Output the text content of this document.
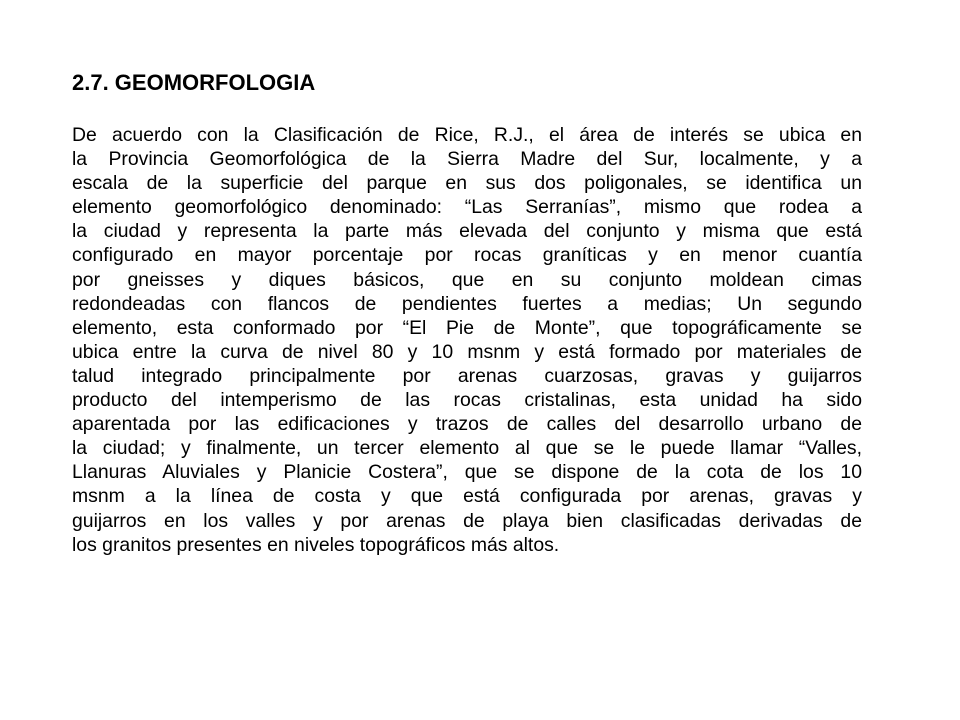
2.7. GEOMORFOLOGIA
De acuerdo con la Clasificación de Rice, R.J., el área de interés se ubica en
la Provincia Geomorfológica de la Sierra Madre del Sur, localmente, y a
escala de la superficie del parque en sus dos poligonales, se identifica un
elemento geomorfológico denominado: “Las Serranías”, mismo que rodea a
la ciudad y representa la parte más elevada del conjunto y misma que está
configurado en mayor porcentaje por rocas graníticas y en menor cuantía
por gneisses y diques básicos, que en su conjunto moldean cimas
redondeadas con flancos de pendientes fuertes a medias; Un segundo
elemento, esta conformado por “El Pie de Monte”, que topográficamente se
ubica entre la curva de nivel 80 y 10 msnm y está formado por materiales de
talud integrado principalmente por arenas cuarzosas, gravas y guijarros
producto del intemperismo de las rocas cristalinas, esta unidad ha sido
aparentada por las edificaciones y trazos de calles del desarrollo urbano de
la ciudad; y finalmente, un tercer elemento al que se le puede llamar “Valles,
Llanuras Aluviales y Planicie Costera”, que se dispone de la cota de los 10
msnm a la línea de costa y que está configurada por arenas, gravas y
guijarros en los valles y por arenas de playa bien clasificadas derivadas de
los granitos presentes en niveles topográficos más altos.
